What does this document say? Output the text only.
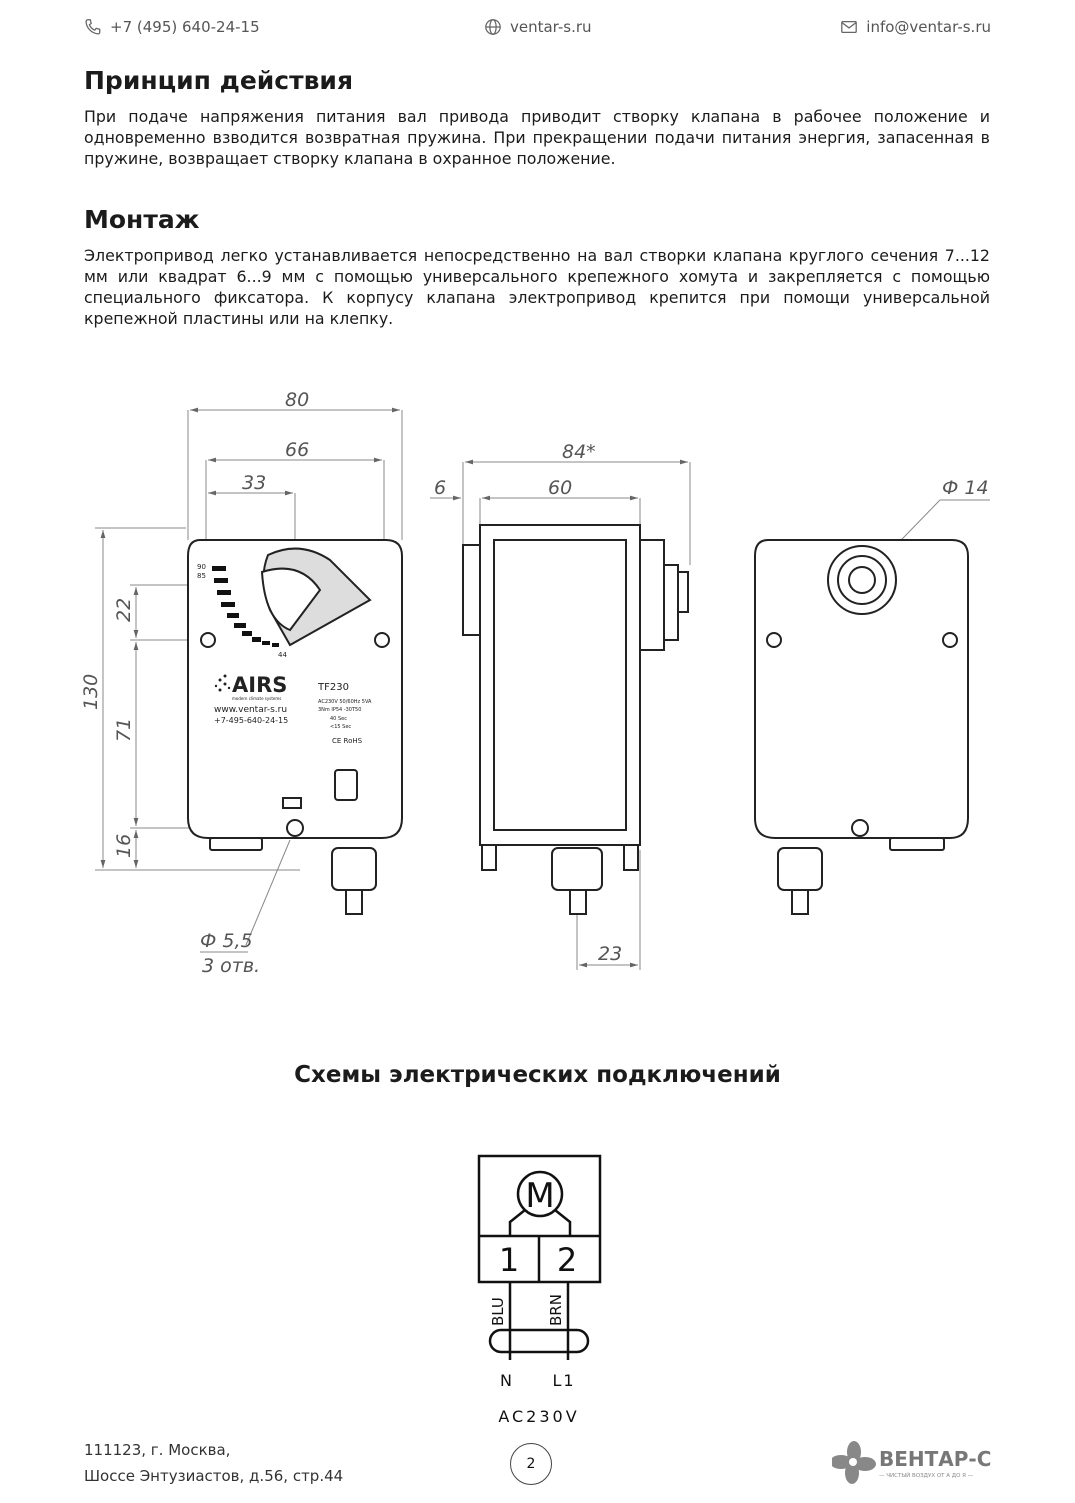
+7 (495) 640-24-15	ventar-s.ru	info@ventar-s.ru
Принцип действия

При подаче напряжения питания вал привода приводит створку клапана в рабочее положение и одновременно взводится возвратная пружина. При прекращении подачи питания энергия, запасенная в пружине, возвращает створку клапана в охранное положение.

Монтаж

Электропривод легко устанавливается непосредственно на вал створки клапана круглого сечения 7...12 мм или квадрат 6...9 мм с помощью универсального крепежного хомута и закрепляется с помощью специального фиксатора. К корпусу клапана электропривод крепится при помощи универсальной крепежной пластины или на клепку.

80
66
33
84*
6	60	Ф 14
130
22
71
16
Ф 5,5
3 отв.
23
90
85
44
AIRS
modern climate systems
www.ventar-s.ru
+7-495-640-24-15
TF230
AC230V 50/60Hz 5VA
3Nm IP54 -30T50
40 Sec
<15 Sec
CE RoHS
Схемы электрических подключений
M
1 2
BLU	BRN
N	L1
AC230V
111123, г. Москва,
Шоссе Энтузиастов, д.56, стр.44
2	ВЕНТАР-С
— ЧИСТЫЙ ВОЗДУХ ОТ А ДО Я —
